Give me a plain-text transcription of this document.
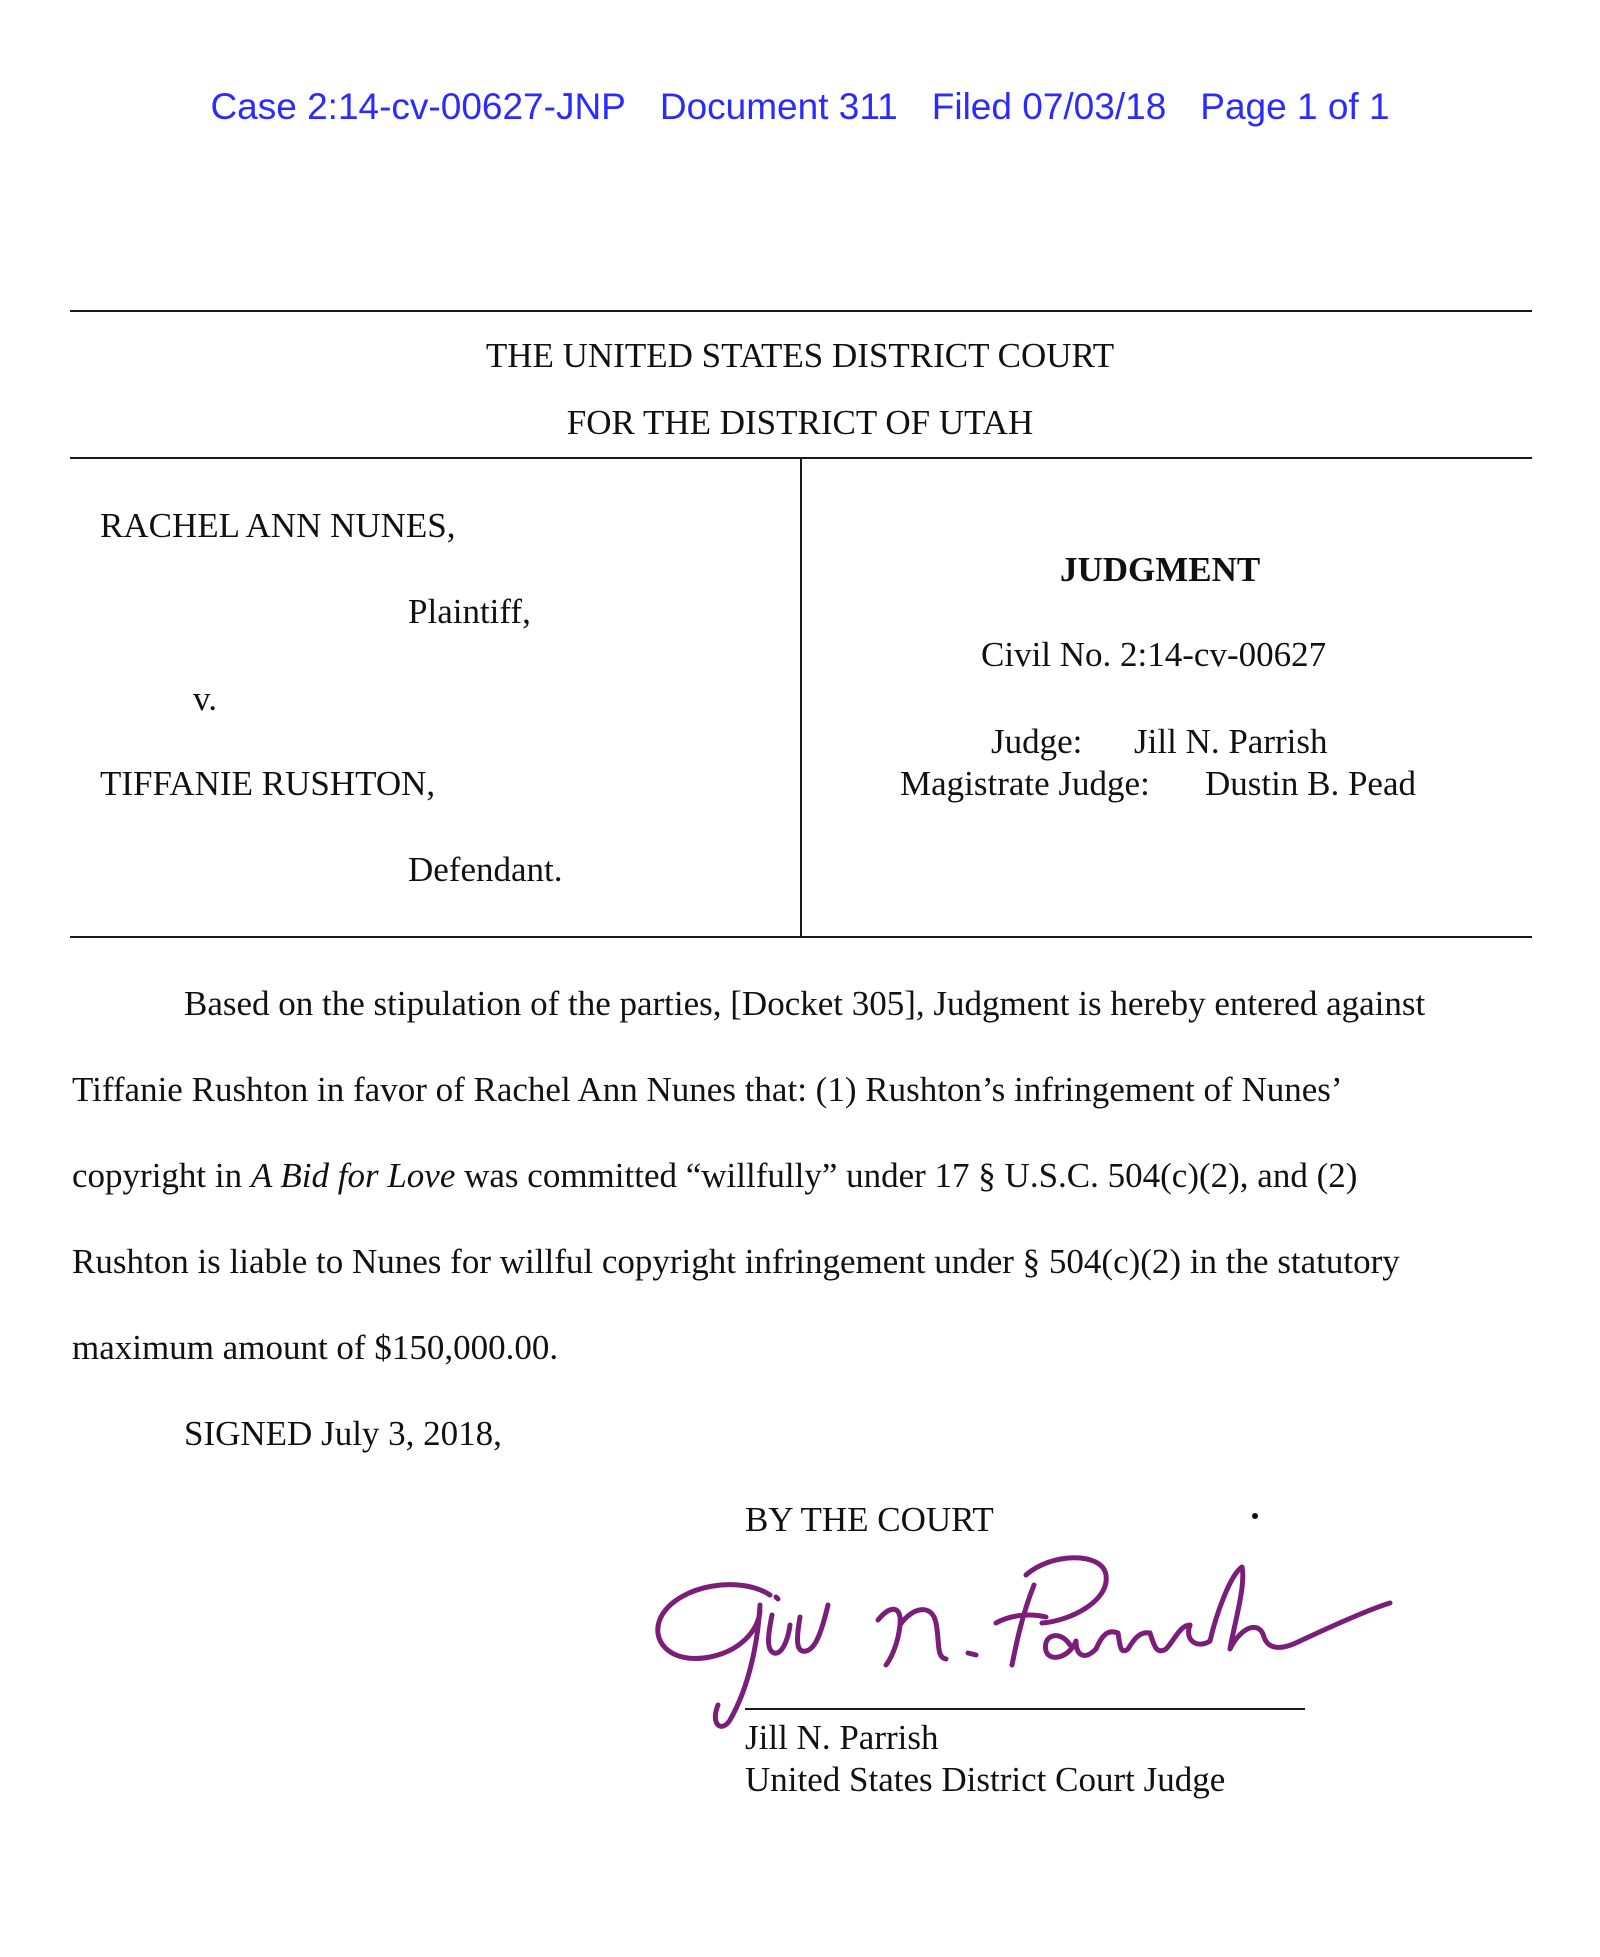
Case 2:14-cv-00627-JNP Document 311 Filed 07/03/18 Page 1 of 1
THE UNITED STATES DISTRICT COURT
FOR THE DISTRICT OF UTAH
RACHEL ANN NUNES,
Plaintiff,
v.
TIFFANIE RUSHTON,
Defendant.
JUDGMENT
Civil No. 2:14-cv-00627
Judge: Jill N. Parrish
Magistrate Judge: Dustin B. Pead
Based on the stipulation of the parties, [Docket 305], Judgment is hereby entered against
Tiffanie Rushton in favor of Rachel Ann Nunes that: (1) Rushton’s infringement of Nunes’
copyright in A Bid for Love was committed “willfully” under 17 § U.S.C. 504(c)(2), and (2)
Rushton is liable to Nunes for willful copyright infringement under § 504(c)(2) in the statutory
maximum amount of $150,000.00.
SIGNED July 3, 2018,
BY THE COURT
Jill N. Parrish
United States District Court Judge
